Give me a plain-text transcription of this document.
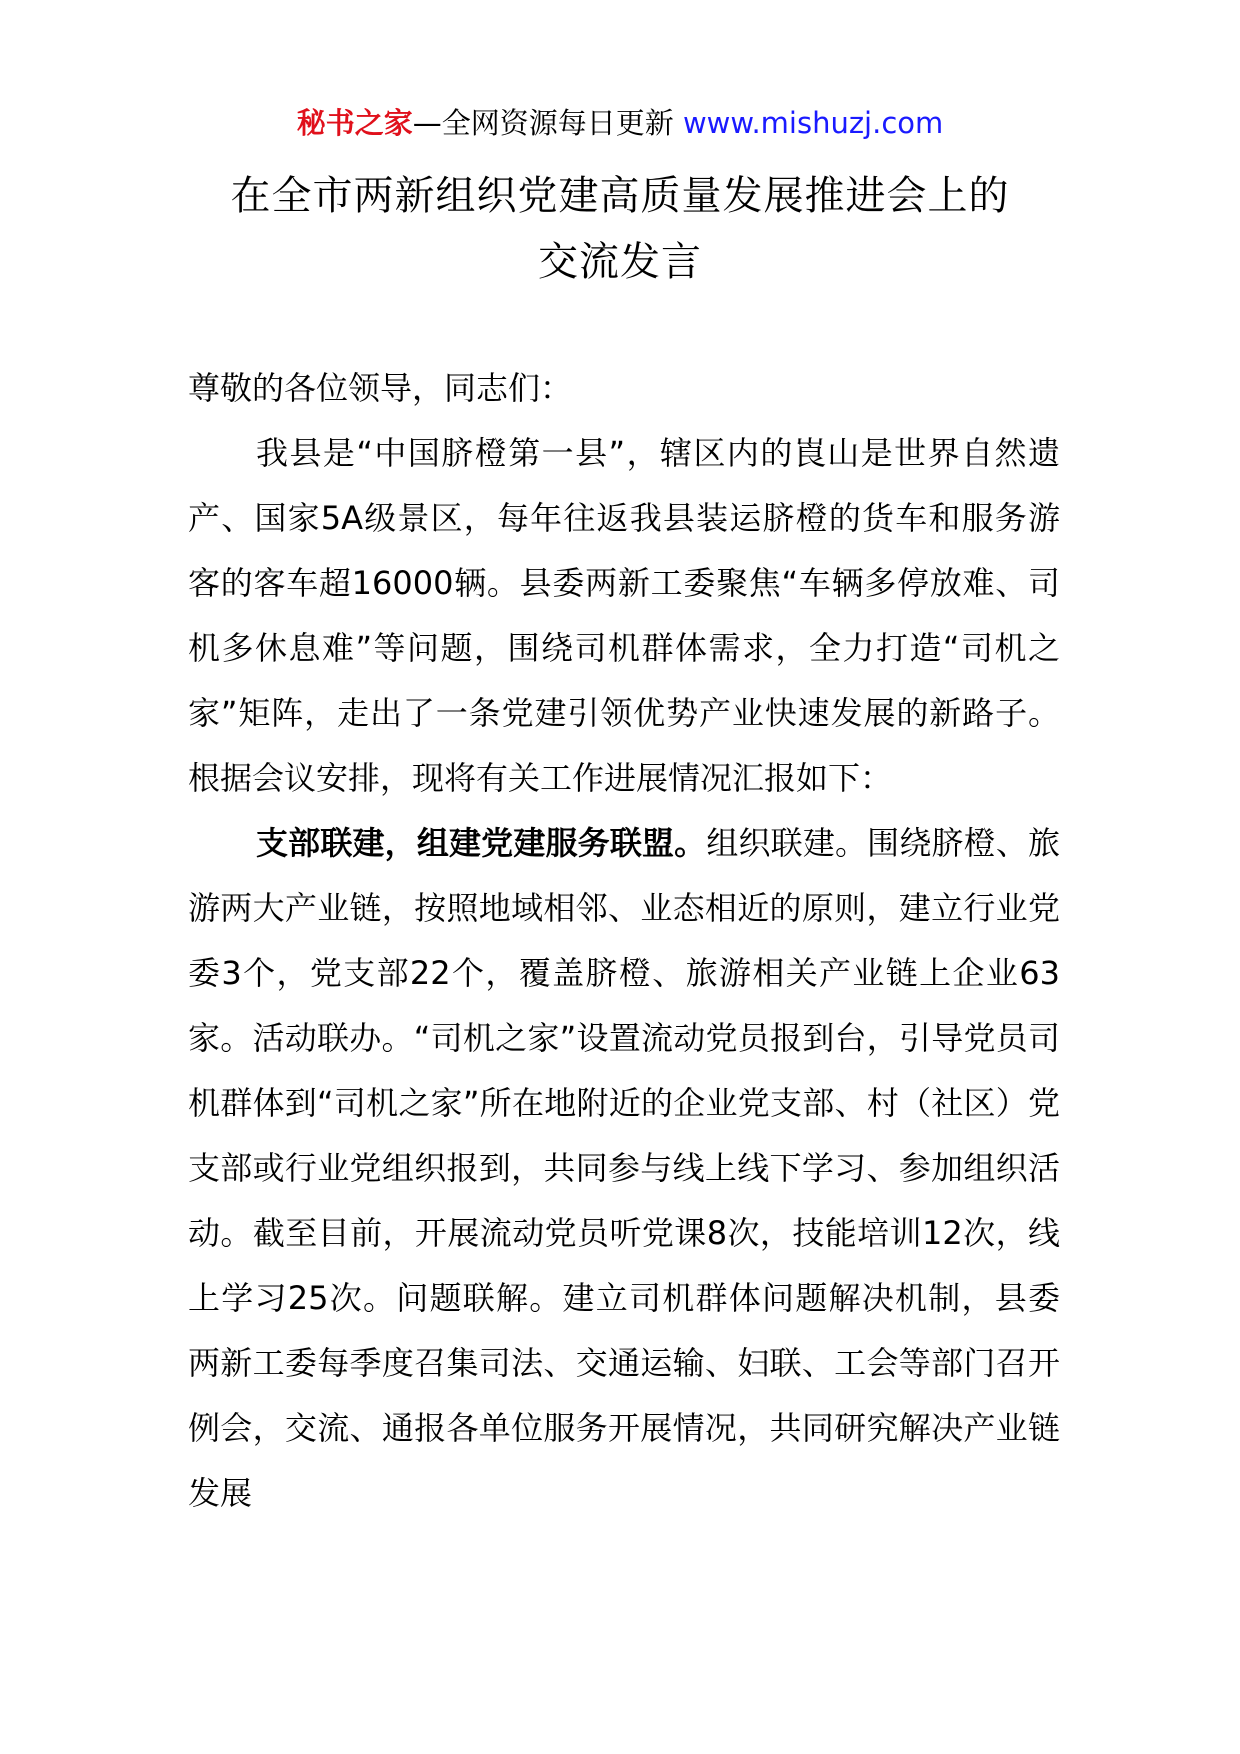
秘书之家—全网资源每日更新 www.mishuzj.com
在全市两新组织党建高质量发展推进会上的
交流发言

尊敬的各位领导，同志们：

我县是“中国脐橙第一县”，辖区内的崀山是世界自然遗产、国家5A级景区，每年往返我县装运脐橙的货车和服务游客的客车超16000辆。县委两新工委聚焦“车辆多停放难、司机多休息难”等问题，围绕司机群体需求，全力打造“司机之家”矩阵，走出了一条党建引领优势产业快速发展的新路子。根据会议安排，现将有关工作进展情况汇报如下：

支部联建，组建党建服务联盟。组织联建。围绕脐橙、旅游两大产业链，按照地域相邻、业态相近的原则，建立行业党委3个，党支部22个，覆盖脐橙、旅游相关产业链上企业63家。活动联办。“司机之家”设置流动党员报到台，引导党员司机群体到“司机之家”所在地附近的企业党支部、村（社区）党支部或行业党组织报到，共同参与线上线下学习、参加组织活动。截至目前，开展流动党员听党课8次，技能培训12次，线上学习25次。问题联解。建立司机群体问题解决机制，县委两新工委每季度召集司法、交通运输、妇联、工会等部门召开例会，交流、通报各单位服务开展情况，共同研究解决产业链发展
